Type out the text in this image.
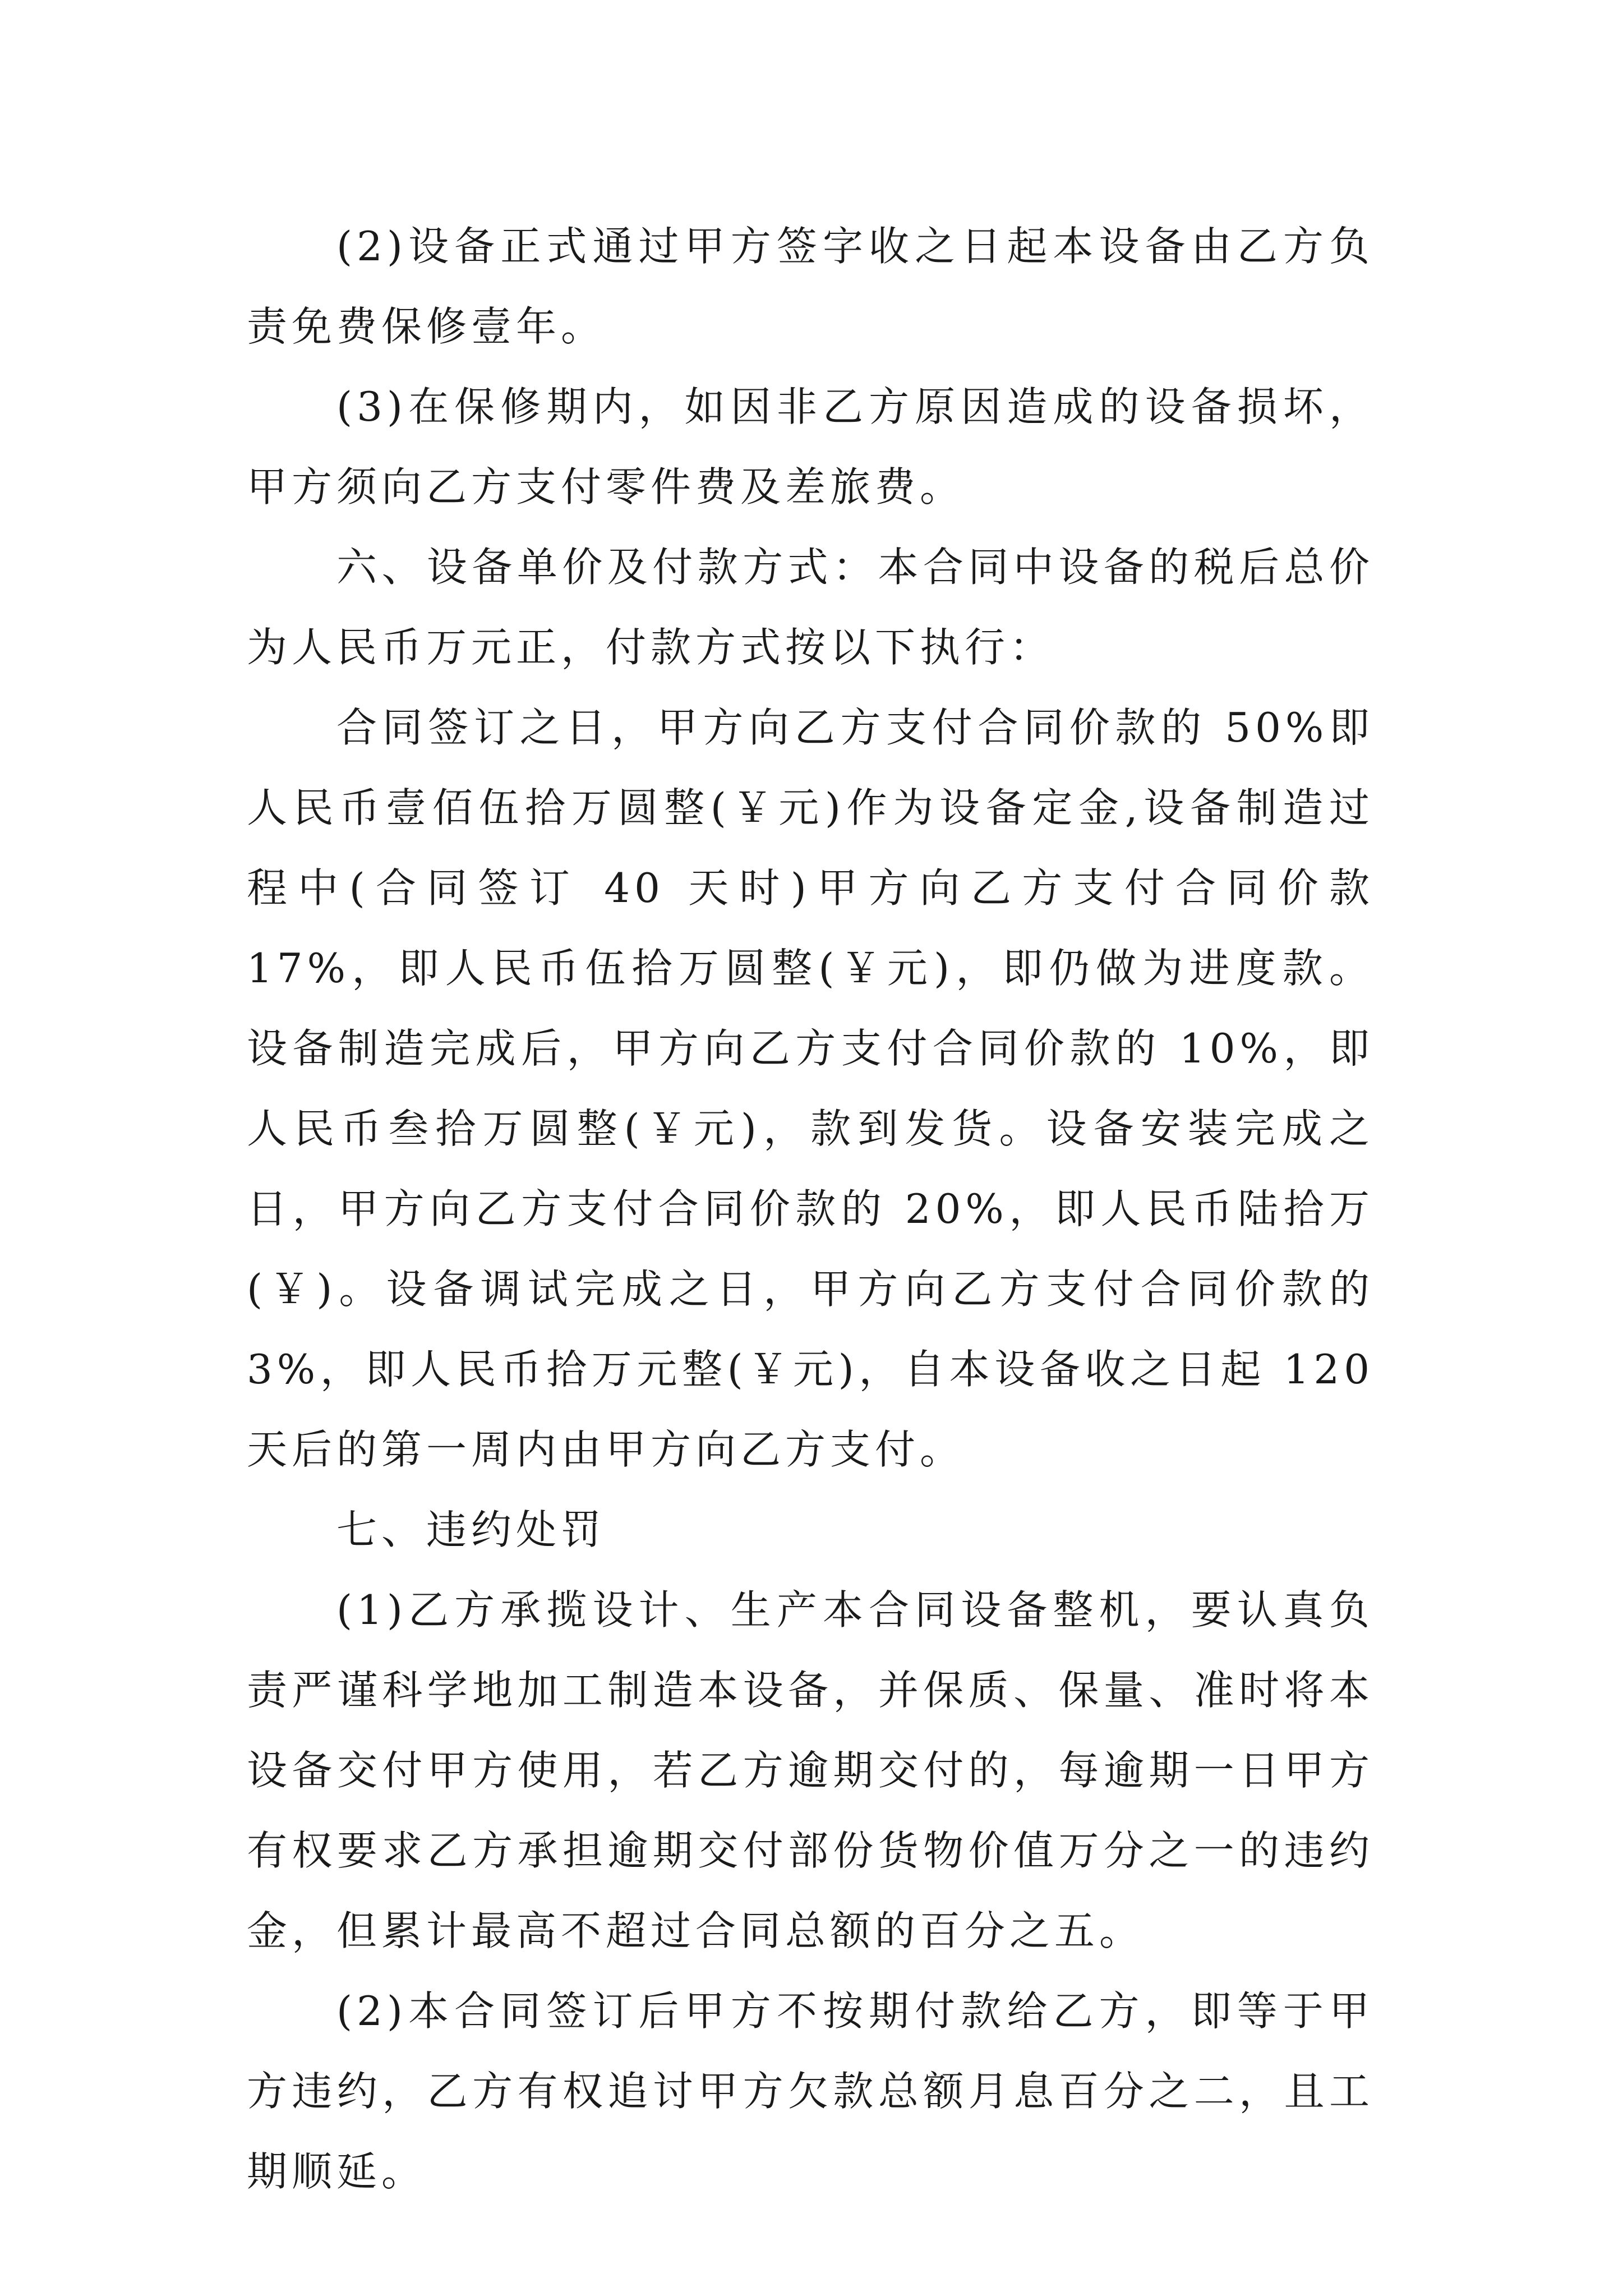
(2)设备正式通过甲方签字收之日起本设备由乙方负责免费保修壹年。

(3)在保修期内，如因非乙方原因造成的设备损坏，甲方须向乙方支付零件费及差旅费。

六、设备单价及付款方式：本合同中设备的税后总价为人民币万元正，付款方式按以下执行：

合同签订之日，甲方向乙方支付合同价款的 50%即人民币壹佰伍拾万圆整(￥元)作为设备定金,设备制造过程中(合同签订 40 天时)甲方向乙方支付合同价款 17%，即人民币伍拾万圆整(￥元)，即仍做为进度款。设备制造完成后，甲方向乙方支付合同价款的 10%，即人民币叁拾万圆整(￥元)，款到发货。设备安装完成之日，甲方向乙方支付合同价款的 20%，即人民币陆拾万(￥)。设备调试完成之日，甲方向乙方支付合同价款的 3%，即人民币拾万元整(￥元)，自本设备收之日起 120 天后的第一周内由甲方向乙方支付。

七、违约处罚

(1)乙方承揽设计、生产本合同设备整机，要认真负责严谨科学地加工制造本设备，并保质、保量、准时将本设备交付甲方使用，若乙方逾期交付的，每逾期一日甲方有权要求乙方承担逾期交付部份货物价值万分之一的违约金，但累计最高不超过合同总额的百分之五。

(2)本合同签订后甲方不按期付款给乙方，即等于甲方违约，乙方有权追讨甲方欠款总额月息百分之二，且工期顺延。
